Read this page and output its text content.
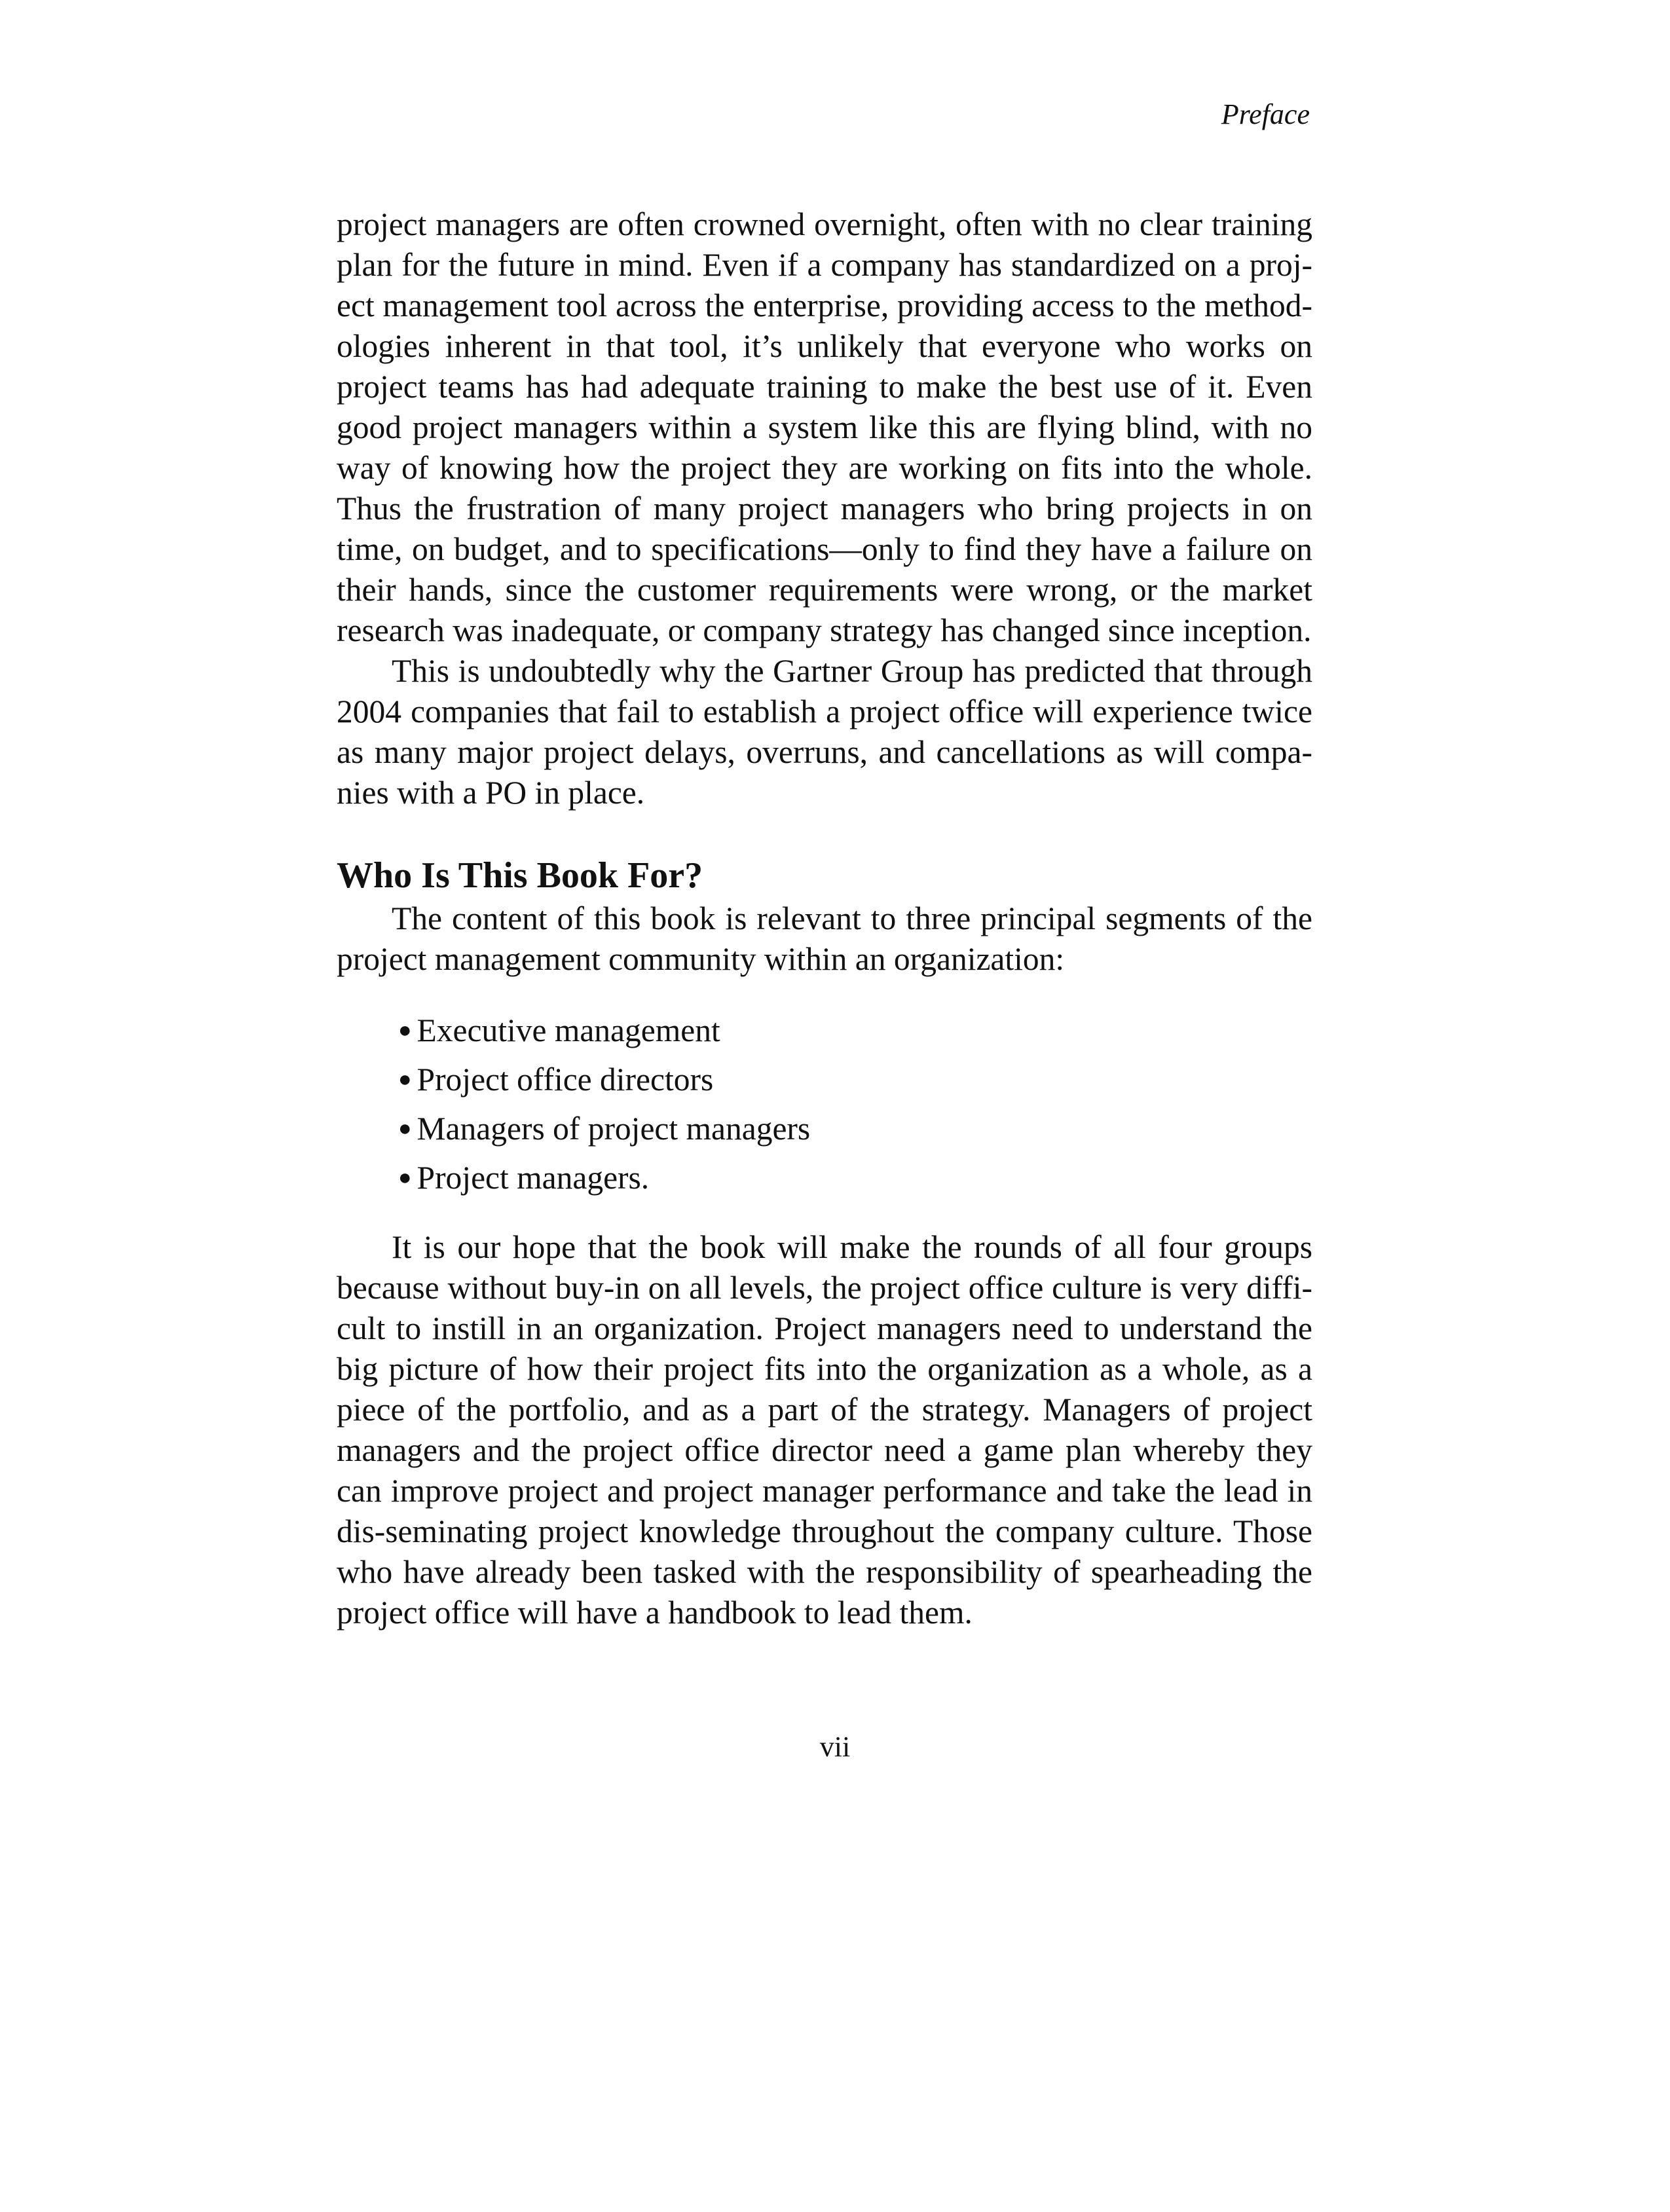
Preface

project managers are often crowned overnight, often with no clear training plan for the future in mind. Even if a company has standardized on a proj-ect management tool across the enterprise, providing access to the method-ologies inherent in that tool, it’s unlikely that everyone who works on project teams has had adequate training to make the best use of it. Even good project managers within a system like this are flying blind, with no way of knowing how the project they are working on fits into the whole. Thus the frustration of many project managers who bring projects in on time, on budget, and to specifications—only to find they have a failure on their hands, since the customer requirements were wrong, or the market research was inadequate, or company strategy has changed since inception.

This is undoubtedly why the Gartner Group has predicted that through 2004 companies that fail to establish a project office will experience twice as many major project delays, overruns, and cancellations as will compa-nies with a PO in place.

Who Is This Book For?

The content of this book is relevant to three principal segments of the project management community within an organization:

● Executive management
● Project office directors
● Managers of project managers
● Project managers.

It is our hope that the book will make the rounds of all four groups because without buy-in on all levels, the project office culture is very diffi-cult to instill in an organization. Project managers need to understand the big picture of how their project fits into the organization as a whole, as a piece of the portfolio, and as a part of the strategy. Managers of project managers and the project office director need a game plan whereby they can improve project and project manager performance and take the lead in dis-seminating project knowledge throughout the company culture. Those who have already been tasked with the responsibility of spearheading the project office will have a handbook to lead them.

vii
